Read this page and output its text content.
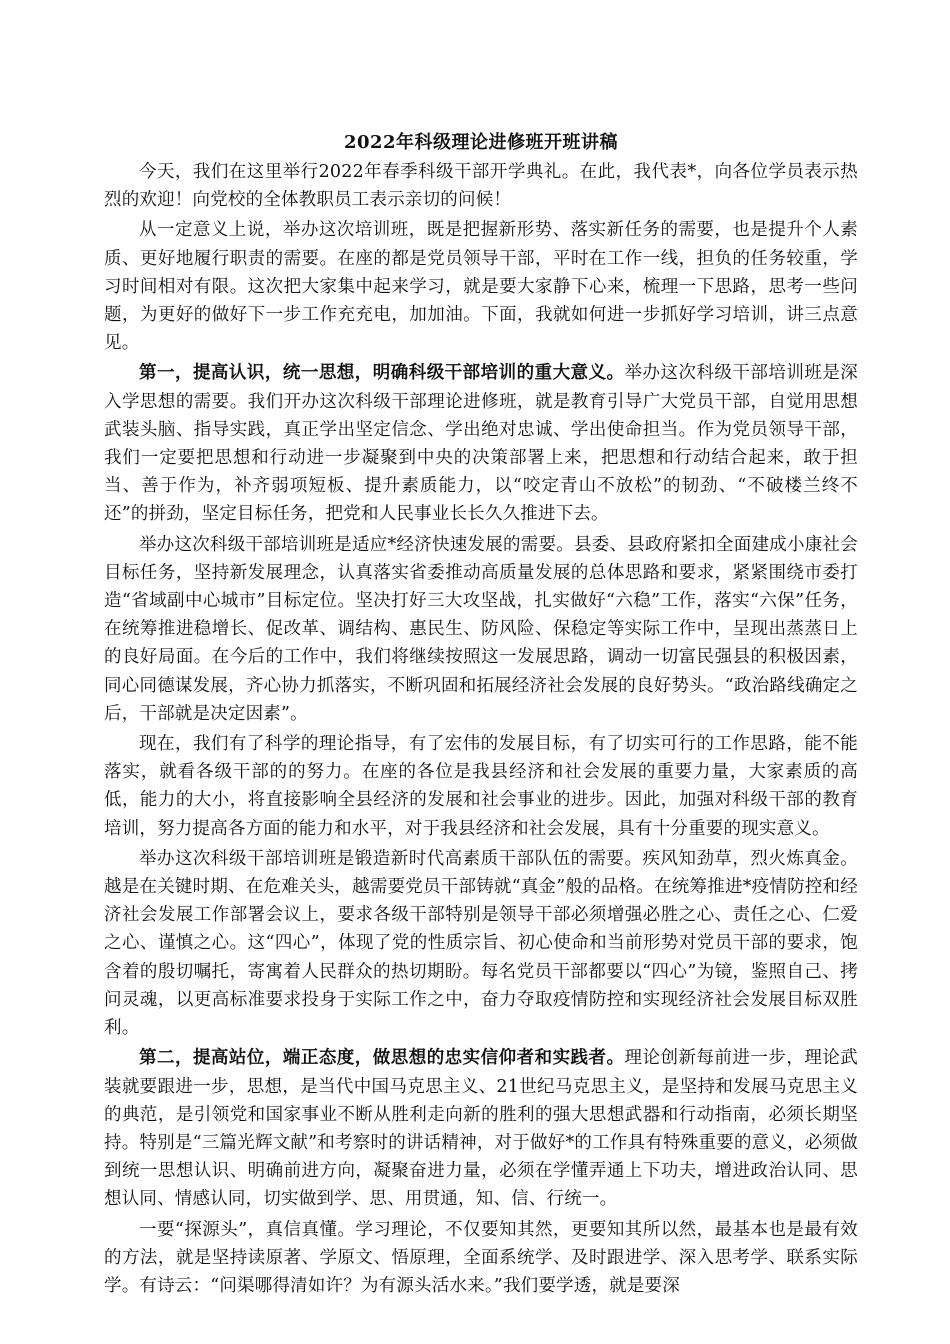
2022年科级理论进修班开班讲稿

今天，我们在这里举行2022年春季科级干部开学典礼。在此，我代表*，向各位学员表示热烈的欢迎！向党校的全体教职员工表示亲切的问候！

从一定意义上说，举办这次培训班，既是把握新形势、落实新任务的需要，也是提升个人素质、更好地履行职责的需要。在座的都是党员领导干部，平时在工作一线，担负的任务较重，学习时间相对有限。这次把大家集中起来学习，就是要大家静下心来，梳理一下思路，思考一些问题，为更好的做好下一步工作充充电，加加油。下面，我就如何进一步抓好学习培训，讲三点意见。

第一，提高认识，统一思想，明确科级干部培训的重大意义。举办这次科级干部培训班是深入学思想的需要。我们开办这次科级干部理论进修班，就是教育引导广大党员干部，自觉用思想武装头脑、指导实践，真正学出坚定信念、学出绝对忠诚、学出使命担当。作为党员领导干部，我们一定要把思想和行动进一步凝聚到中央的决策部署上来，把思想和行动结合起来，敢于担当、善于作为，补齐弱项短板、提升素质能力，以“咬定青山不放松”的韧劲、“不破楼兰终不还”的拼劲，坚定目标任务，把党和人民事业长长久久推进下去。

举办这次科级干部培训班是适应*经济快速发展的需要。县委、县政府紧扣全面建成小康社会目标任务，坚持新发展理念，认真落实省委推动高质量发展的总体思路和要求，紧紧围绕市委打造“省域副中心城市”目标定位。坚决打好三大攻坚战，扎实做好“六稳”工作，落实“六保”任务，在统筹推进稳增长、促改革、调结构、惠民生、防风险、保稳定等实际工作中，呈现出蒸蒸日上的良好局面。在今后的工作中，我们将继续按照这一发展思路，调动一切富民强县的积极因素，同心同德谋发展，齐心协力抓落实，不断巩固和拓展经济社会发展的良好势头。“政治路线确定之后，干部就是决定因素”。

现在，我们有了科学的理论指导，有了宏伟的发展目标，有了切实可行的工作思路，能不能落实，就看各级干部的的努力。在座的各位是我县经济和社会发展的重要力量，大家素质的高低，能力的大小，将直接影响全县经济的发展和社会事业的进步。因此，加强对科级干部的教育培训，努力提高各方面的能力和水平，对于我县经济和社会发展，具有十分重要的现实意义。

举办这次科级干部培训班是锻造新时代高素质干部队伍的需要。疾风知劲草，烈火炼真金。越是在关键时期、在危难关头，越需要党员干部铸就“真金”般的品格。在统筹推进*疫情防控和经济社会发展工作部署会议上，要求各级干部特别是领导干部必须增强必胜之心、责任之心、仁爱之心、谨慎之心。这“四心”，体现了党的性质宗旨、初心使命和当前形势对党员干部的要求，饱含着的殷切嘱托，寄寓着人民群众的热切期盼。每名党员干部都要以“四心”为镜，鉴照自己、拷问灵魂，以更高标准要求投身于实际工作之中，奋力夺取疫情防控和实现经济社会发展目标双胜利。

第二，提高站位，端正态度，做思想的忠实信仰者和实践者。理论创新每前进一步，理论武装就要跟进一步，思想，是当代中国马克思主义、21世纪马克思主义，是坚持和发展马克思主义的典范，是引领党和国家事业不断从胜利走向新的胜利的强大思想武器和行动指南，必须长期坚持。特别是“三篇光辉文献”和考察时的讲话精神，对于做好*的工作具有特殊重要的意义，必须做到统一思想认识、明确前进方向，凝聚奋进力量，必须在学懂弄通上下功夫，增进政治认同、思想认同、情感认同，切实做到学、思、用贯通，知、信、行统一。

一要“探源头”，真信真懂。学习理论，不仅要知其然，更要知其所以然，最基本也是最有效的方法，就是坚持读原著、学原文、悟原理，全面系统学、及时跟进学、深入思考学、联系实际学。有诗云：“问渠哪得清如许？为有源头活水来。”我们要学透，就是要深
